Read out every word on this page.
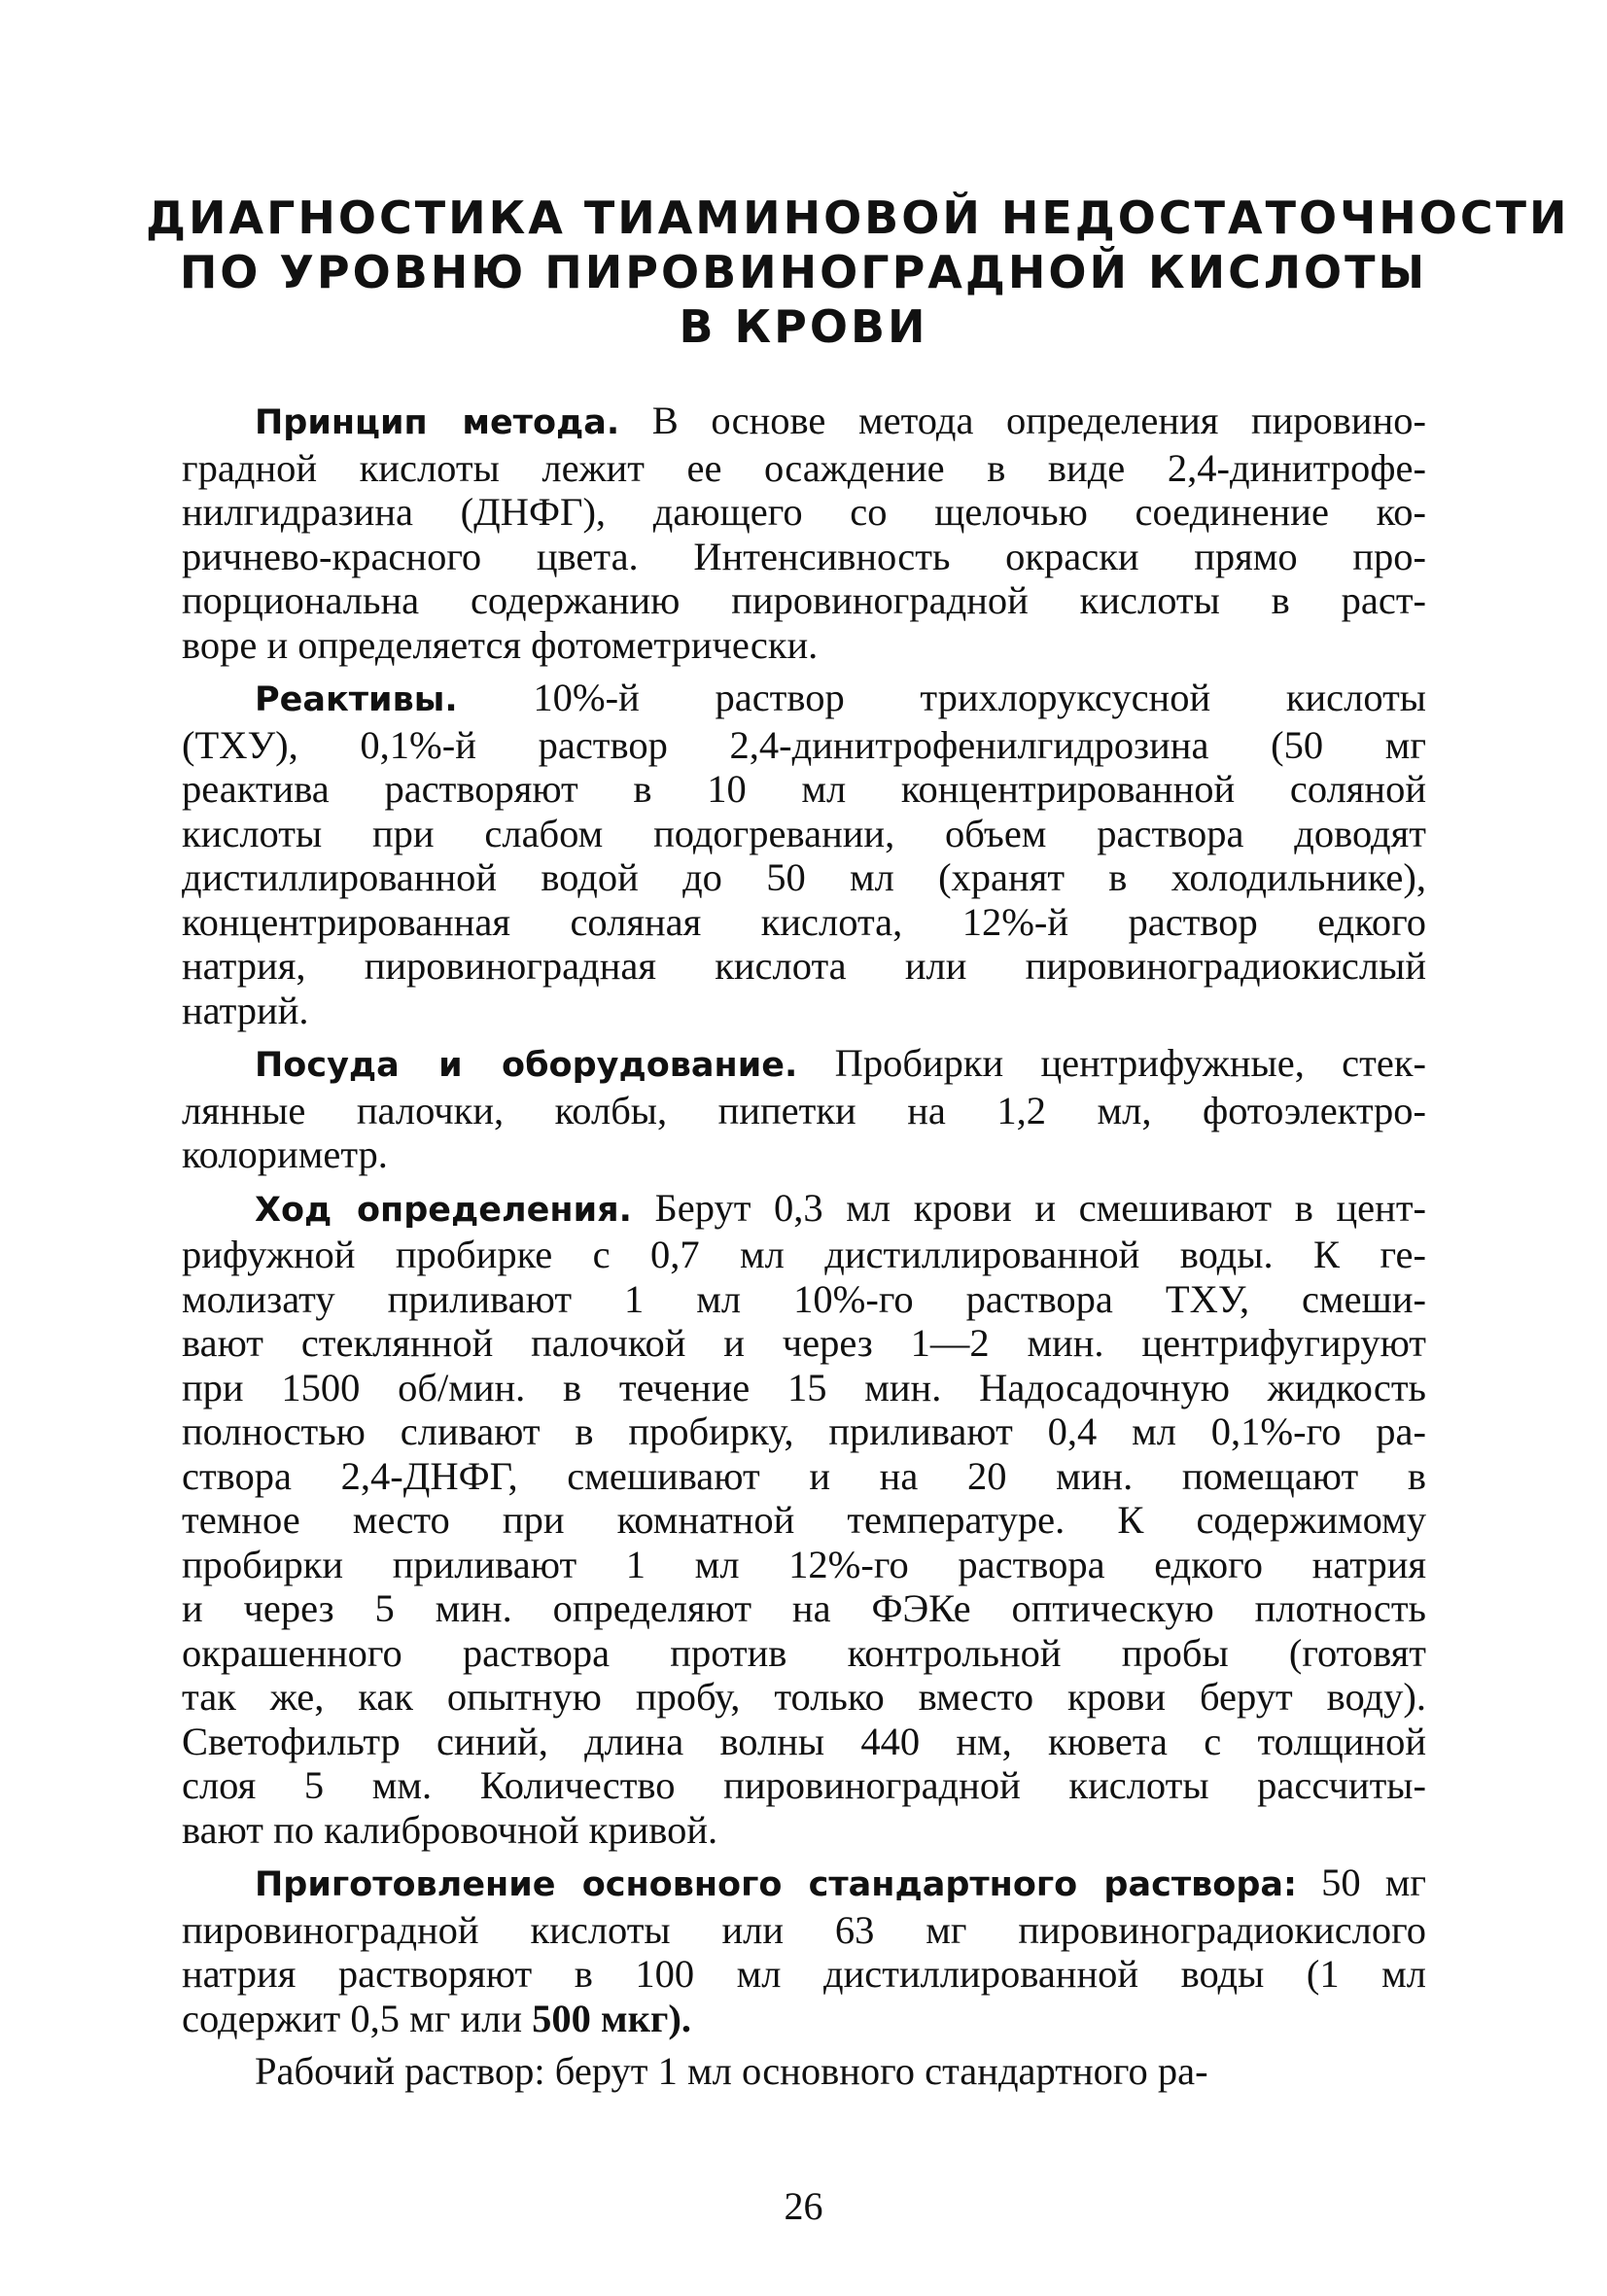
ДИАГНОСТИКА ТИАМИНОВОЙ НЕДОСТАТОЧНОСТИ
ПО УРОВНЮ ПИРОВИНОГРАДНОЙ КИСЛОТЫ
В КРОВИ
Принцип метода. В основе метода определения пировино-
градной кислоты лежит ее осаждение в виде 2,4-динитрофе-
нилгидразина (ДНФГ), дающего со щелочью соединение ко-
ричнево-красного цвета. Интенсивность окраски прямо про-
порциональна содержанию пировиноградной кислоты в раст-
воре и определяется фотометрически.
Реактивы. 10%-й раствор трихлоруксусной кислоты
(ТХУ), 0,1%-й раствор 2,4-динитрофенилгидрозина (50 мг
реактива растворяют в 10 мл концентрированной соляной
кислоты при слабом подогревании, объем раствора доводят
дистиллированной водой до 50 мл (хранят в холодильнике),
концентрированная соляная кислота, 12%-й раствор едкого
натрия, пировиноградная кислота или пировиноградиокислый
натрий.
Посуда и оборудование. Пробирки центрифужные, стек-
лянные палочки, колбы, пипетки на 1,2 мл, фотоэлектро-
колориметр.
Ход определения. Берут 0,3 мл крови и смешивают в цент-
рифужной пробирке с 0,7 мл дистиллированной воды. К ге-
молизату приливают 1 мл 10%-го раствора ТХУ, смеши-
вают стеклянной палочкой и через 1—2 мин. центрифугируют
при 1500 об/мин. в течение 15 мин. Надосадочную жидкость
полностью сливают в пробирку, приливают 0,4 мл 0,1%-го ра-
створа 2,4-ДНФГ, смешивают и на 20 мин. помещают в
темное место при комнатной температуре. К содержимому
пробирки приливают 1 мл 12%-го раствора едкого натрия
и через 5 мин. определяют на ФЭКе оптическую плотность
окрашенного раствора против контрольной пробы (готовят
так же, как опытную пробу, только вместо крови берут воду).
Светофильтр синий, длина волны 440 нм, кювета с толщиной
слоя 5 мм. Количество пировиноградной кислоты рассчиты-
вают по калибровочной кривой.
Приготовление основного стандартного раствора: 50 мг
пировиноградной кислоты или 63 мг пировиноградиокислого
натрия растворяют в 100 мл дистиллированной воды (1 мл
содержит 0,5 мг или 500 мкг).
Рабочий раствор: берут 1 мл основного стандартного ра-
26
